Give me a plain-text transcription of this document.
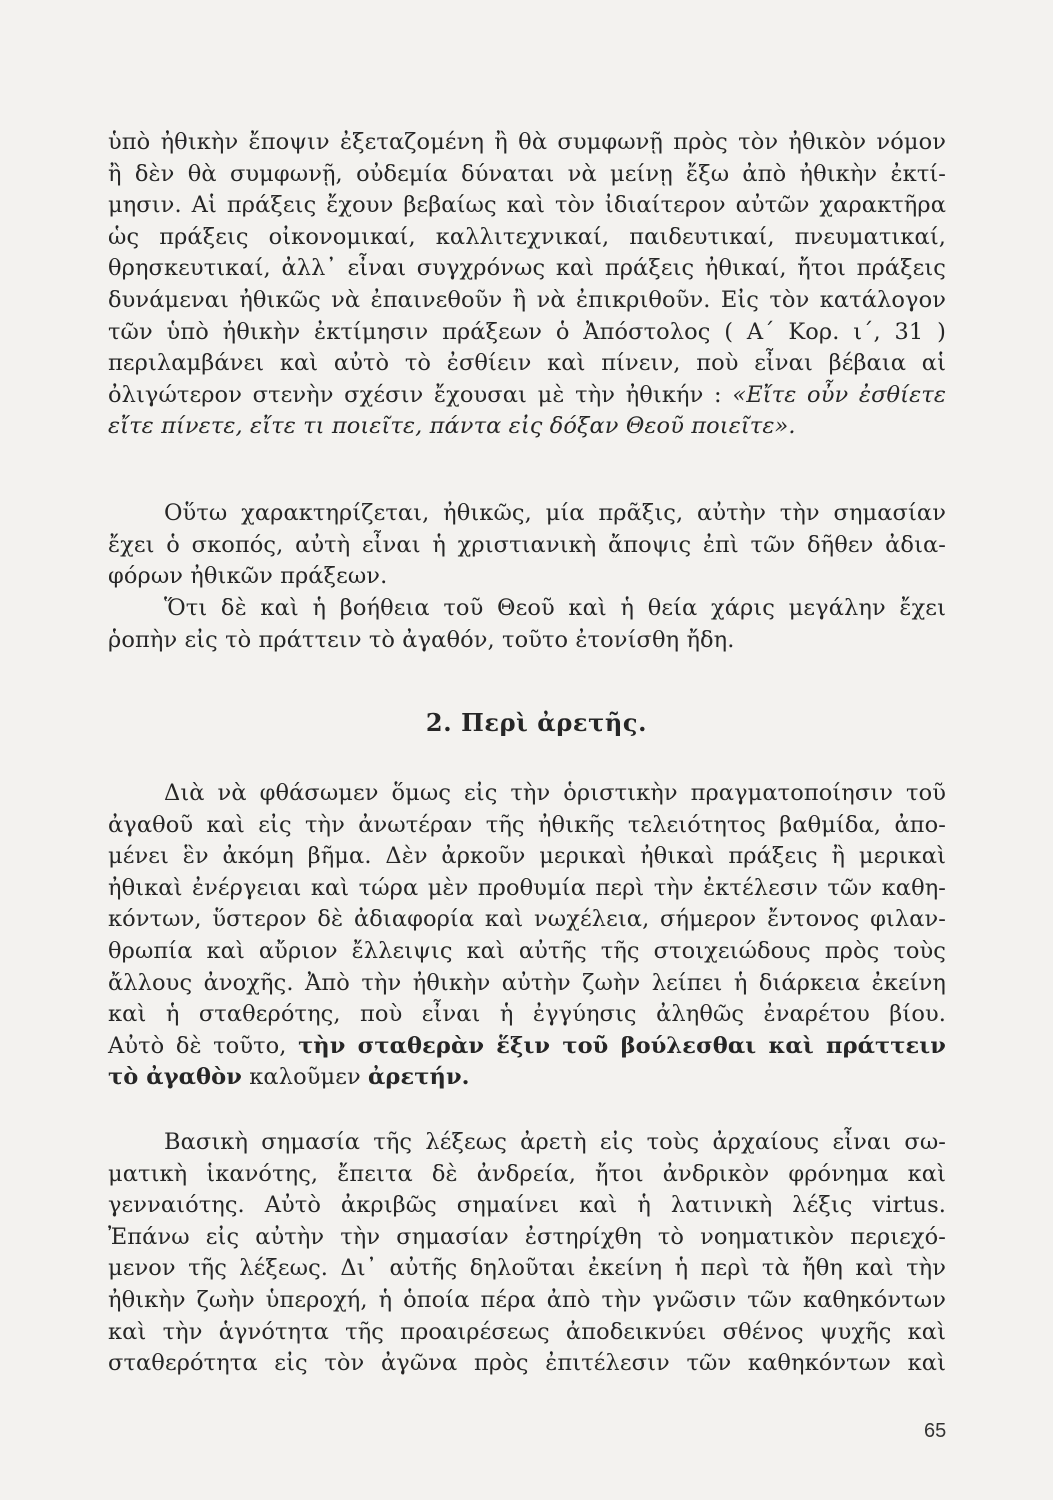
ὑπὸ ἠθικὴν ἔποψιν ἐξεταζομένη ἢ θὰ συμφωνῇ πρὸς τὸν ἠθικὸν νόμον
ἢ δὲν θὰ συμφωνῇ, οὐδεμία δύναται νὰ μείνῃ ἔξω ἀπὸ ἠθικὴν ἐκτί-
μησιν. Αἱ πράξεις ἔχουν βεβαίως καὶ τὸν ἰδιαίτερον αὐτῶν χαρακτῆρα
ὡς πράξεις οἰκονομικαί, καλλιτεχνικαί, παιδευτικαί, πνευματικαί,
θρησκευτικαί, ἀλλ᾽ εἶναι συγχρόνως καὶ πράξεις ἠθικαί, ἤτοι πράξεις
δυνάμεναι ἠθικῶς νὰ ἐπαινεθοῦν ἢ νὰ ἐπικριθοῦν. Εἰς τὸν κατάλογον
τῶν ὑπὸ ἠθικὴν ἐκτίμησιν πράξεων ὁ Ἀπόστολος ( Α΄ Κορ. ι΄, 31 )
περιλαμβάνει καὶ αὐτὸ τὸ ἐσθίειν καὶ πίνειν, ποὺ εἶναι βέβαια αἱ
ὀλιγώτερον στενὴν σχέσιν ἔχουσαι μὲ τὴν ἠθικήν : «Εἴτε οὖν ἐσθίετε
εἴτε πίνετε, εἴτε τι ποιεῖτε, πάντα εἰς δόξαν Θεοῦ ποιεῖτε».
Οὕτω χαρακτηρίζεται, ἠθικῶς, μία πρᾶξις, αὐτὴν τὴν σημασίαν
ἔχει ὁ σκοπός, αὐτὴ εἶναι ἡ χριστιανικὴ ἄποψις ἐπὶ τῶν δῆθεν ἀδια-
φόρων ἠθικῶν πράξεων.
Ὅτι δὲ καὶ ἡ βοήθεια τοῦ Θεοῦ καὶ ἡ θεία χάρις μεγάλην ἔχει
ῥοπὴν εἰς τὸ πράττειν τὸ ἀγαθόν, τοῦτο ἐτονίσθη ἤδη.
2. Περὶ ἀρετῆς.
Διὰ νὰ φθάσωμεν ὅμως εἰς τὴν ὁριστικὴν πραγματοποίησιν τοῦ
ἀγαθοῦ καὶ εἰς τὴν ἀνωτέραν τῆς ἠθικῆς τελειότητος βαθμίδα, ἀπο-
μένει ἓν ἀκόμη βῆμα. Δὲν ἀρκοῦν μερικαὶ ἠθικαὶ πράξεις ἢ μερικαὶ
ἠθικαὶ ἐνέργειαι καὶ τώρα μὲν προθυμία περὶ τὴν ἐκτέλεσιν τῶν καθη-
κόντων, ὕστερον δὲ ἀδιαφορία καὶ νωχέλεια, σήμερον ἔντονος φιλαν-
θρωπία καὶ αὔριον ἔλλειψις καὶ αὐτῆς τῆς στοιχειώδους πρὸς τοὺς
ἄλλους ἀνοχῆς. Ἀπὸ τὴν ἠθικὴν αὐτὴν ζωὴν λείπει ἡ διάρκεια ἐκείνη
καὶ ἡ σταθερότης, ποὺ εἶναι ἡ ἐγγύησις ἀληθῶς ἐναρέτου βίου.
Αὐτὸ δὲ τοῦτο, τὴν σταθερὰν ἕξιν τοῦ βούλεσθαι καὶ πράττειν
τὸ ἀγαθὸν καλοῦμεν ἀρετήν.
Βασικὴ σημασία τῆς λέξεως ἀρετὴ εἰς τοὺς ἀρχαίους εἶναι σω-
ματικὴ ἱκανότης, ἔπειτα δὲ ἀνδρεία, ἤτοι ἀνδρικὸν φρόνημα καὶ
γενναιότης. Αὐτὸ ἀκριβῶς σημαίνει καὶ ἡ λατινικὴ λέξις virtus.
Ἐπάνω εἰς αὐτὴν τὴν σημασίαν ἐστηρίχθη τὸ νοηματικὸν περιεχό-
μενον τῆς λέξεως. Δι᾽ αὐτῆς δηλοῦται ἐκείνη ἡ περὶ τὰ ἤθη καὶ τὴν
ἠθικὴν ζωὴν ὑπεροχή, ἡ ὁποία πέρα ἀπὸ τὴν γνῶσιν τῶν καθηκόντων
καὶ τὴν ἁγνότητα τῆς προαιρέσεως ἀποδεικνύει σθένος ψυχῆς καὶ
σταθερότητα εἰς τὸν ἀγῶνα πρὸς ἐπιτέλεσιν τῶν καθηκόντων καὶ
65
